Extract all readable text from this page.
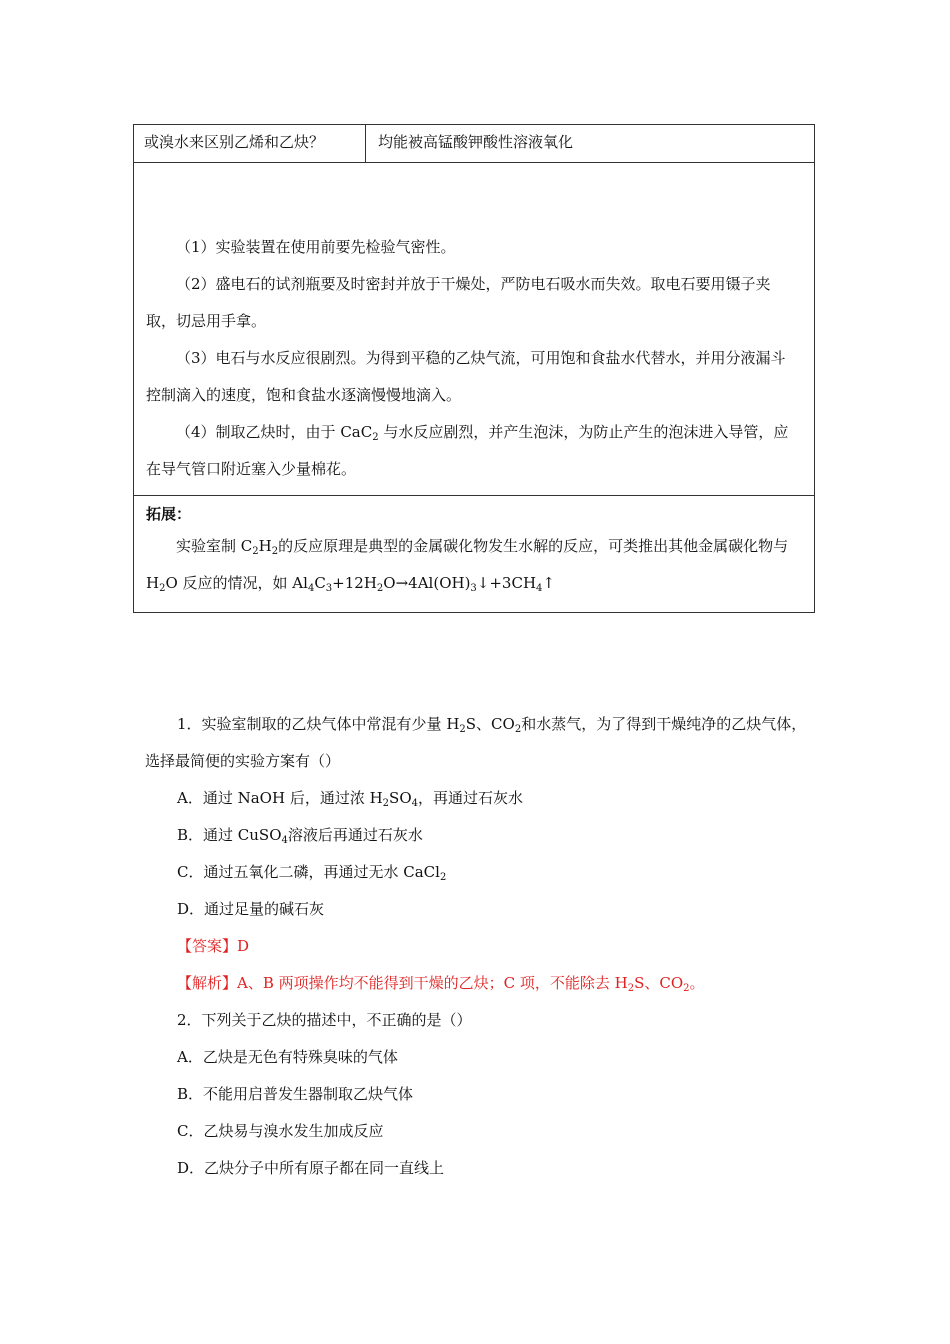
或溴水来区别乙烯和乙炔？	均能被高锰酸钾酸性溶液氧化

（1）实验装置在使用前要先检验气密性。

（2）盛电石的试剂瓶要及时密封并放于干燥处，严防电石吸水而失效。取电石要用镊子夹取，切忌用手拿。

（3）电石与水反应很剧烈。为得到平稳的乙炔气流，可用饱和食盐水代替水，并用分液漏斗控制滴入的速度，饱和食盐水逐滴慢慢地滴入。

（4）制取乙炔时，由于 CaC$_2$ 与水反应剧烈，并产生泡沫，为防止产生的泡沫进入导管，应在导气管口附近塞入少量棉花。

拓展：

实验室制 $C_2H_2$的反应原理是典型的金属碳化物发生水解的反应，可类推出其他金属碳化物与 $H_2O$ 反应的情况，如 $Al_4C_3+12H_2O\to 4Al(OH)_3↓+3CH_4↑$

1．实验室制取的乙炔气体中常混有少量 $H_2S$、$CO_2$和水蒸气，为了得到干燥纯净的乙炔气体，选择最简便的实验方案有（）

A．通过 NaOH 后，通过浓 $H_2SO_4$，再通过石灰水

B．通过 CuSO$_4$溶液后再通过石灰水

C．通过五氧化二磷，再通过无水 CaCl$_2$

D．通过足量的碱石灰

【答案】D

【解析】A、B 两项操作均不能得到干燥的乙炔；C 项，不能除去 $H_2S$、$CO_2$。

2．下列关于乙炔的描述中，不正确的是（）

A．乙炔是无色有特殊臭味的气体

B．不能用启普发生器制取乙炔气体

C．乙炔易与溴水发生加成反应

D．乙炔分子中所有原子都在同一直线上
